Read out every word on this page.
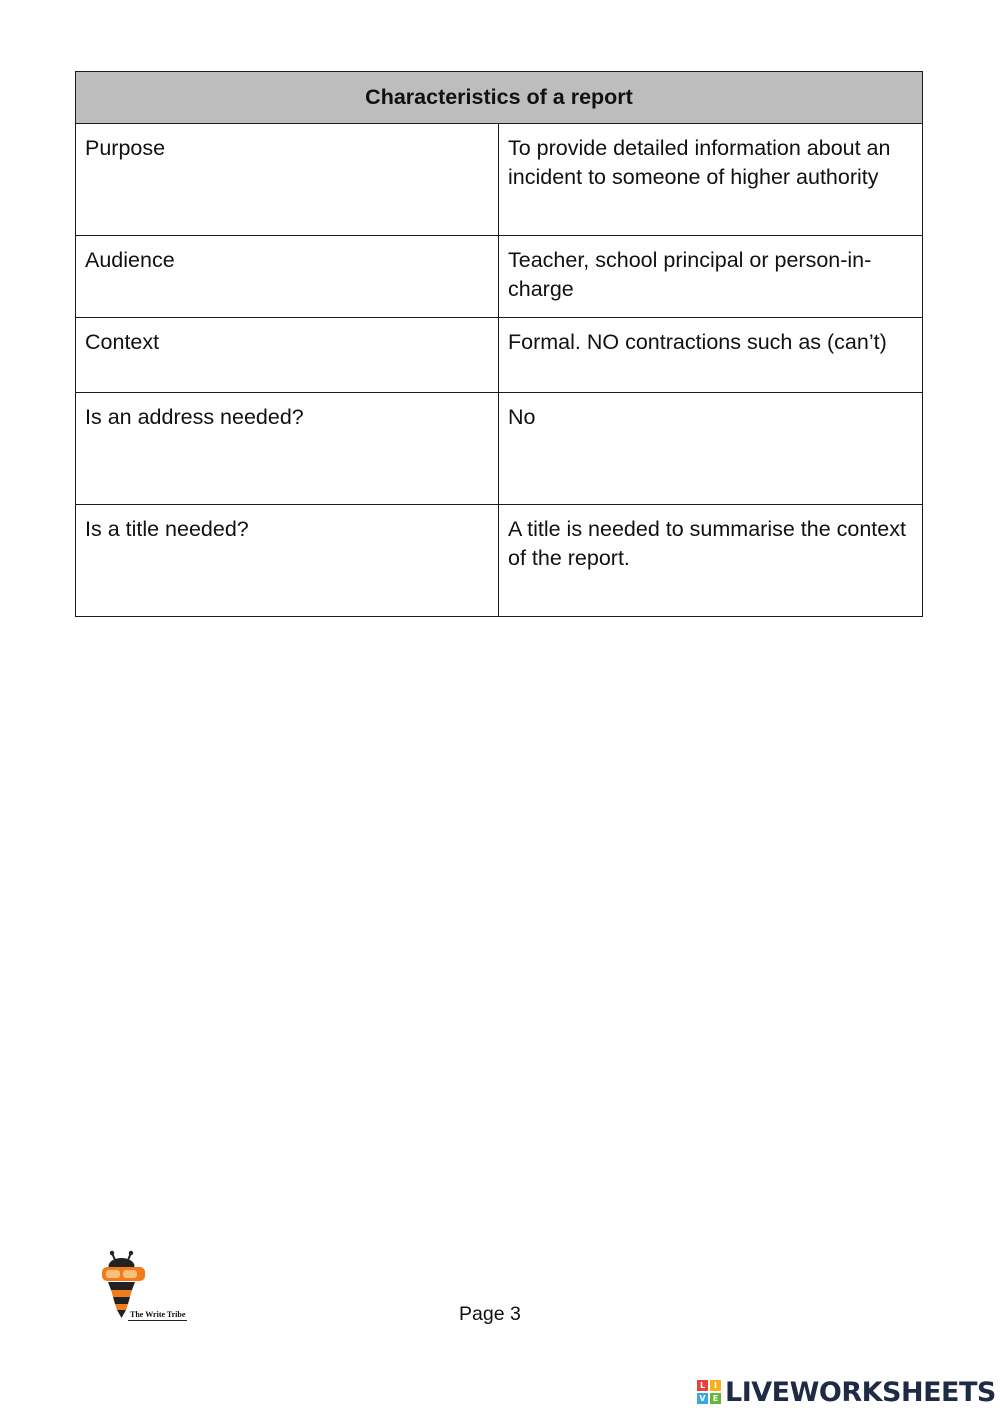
Characteristics of a report	
Purpose	To provide detailed information about an incident to someone of higher authority
Audience	Teacher, school principal or person-in-charge
Context	Formal. NO contractions such as (can’t)
Is an address needed?	No
Is a title needed?	A title is needed to summarise the context of the report.
The Write Tribe	Page 3
L	I
V E LIVEWORKSHEETS
